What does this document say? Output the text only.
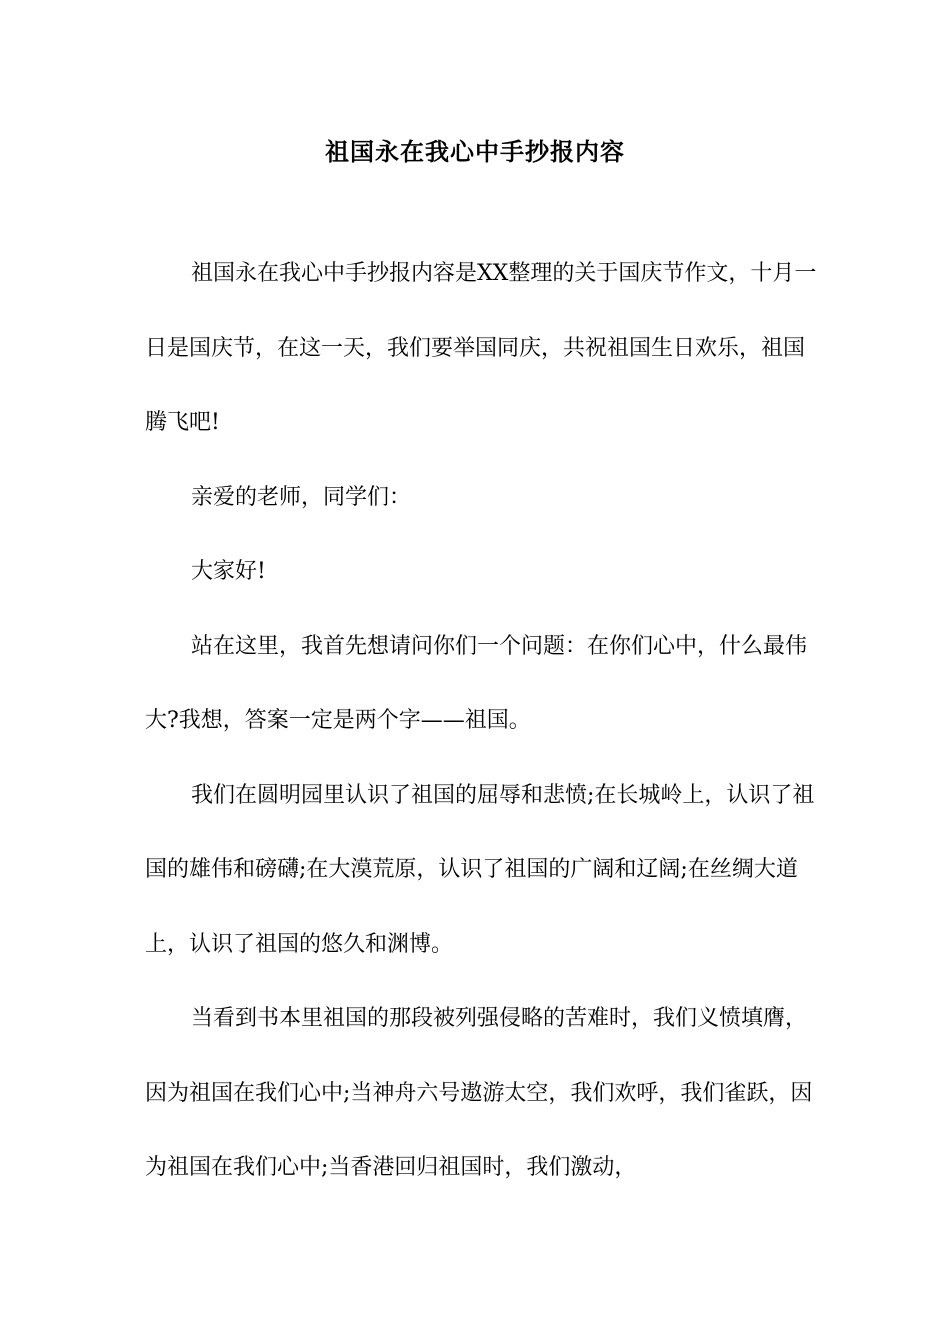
祖国永在我心中手抄报内容

祖国永在我心中手抄报内容是XX整理的关于国庆节作文，十月一日是国庆节，在这一天，我们要举国同庆，共祝祖国生日欢乐，祖国腾飞吧!

亲爱的老师，同学们：

大家好!

站在这里，我首先想请问你们一个问题：在你们心中，什么最伟大?我想，答案一定是两个字——祖国。

我们在圆明园里认识了祖国的屈辱和悲愤;在长城岭上，认识了祖国的雄伟和磅礴;在大漠荒原，认识了祖国的广阔和辽阔;在丝绸大道上，认识了祖国的悠久和渊博。

当看到书本里祖国的那段被列强侵略的苦难时，我们义愤填膺，因为祖国在我们心中;当神舟六号遨游太空，我们欢呼，我们雀跃，因为祖国在我们心中;当香港回归祖国时，我们激动，
